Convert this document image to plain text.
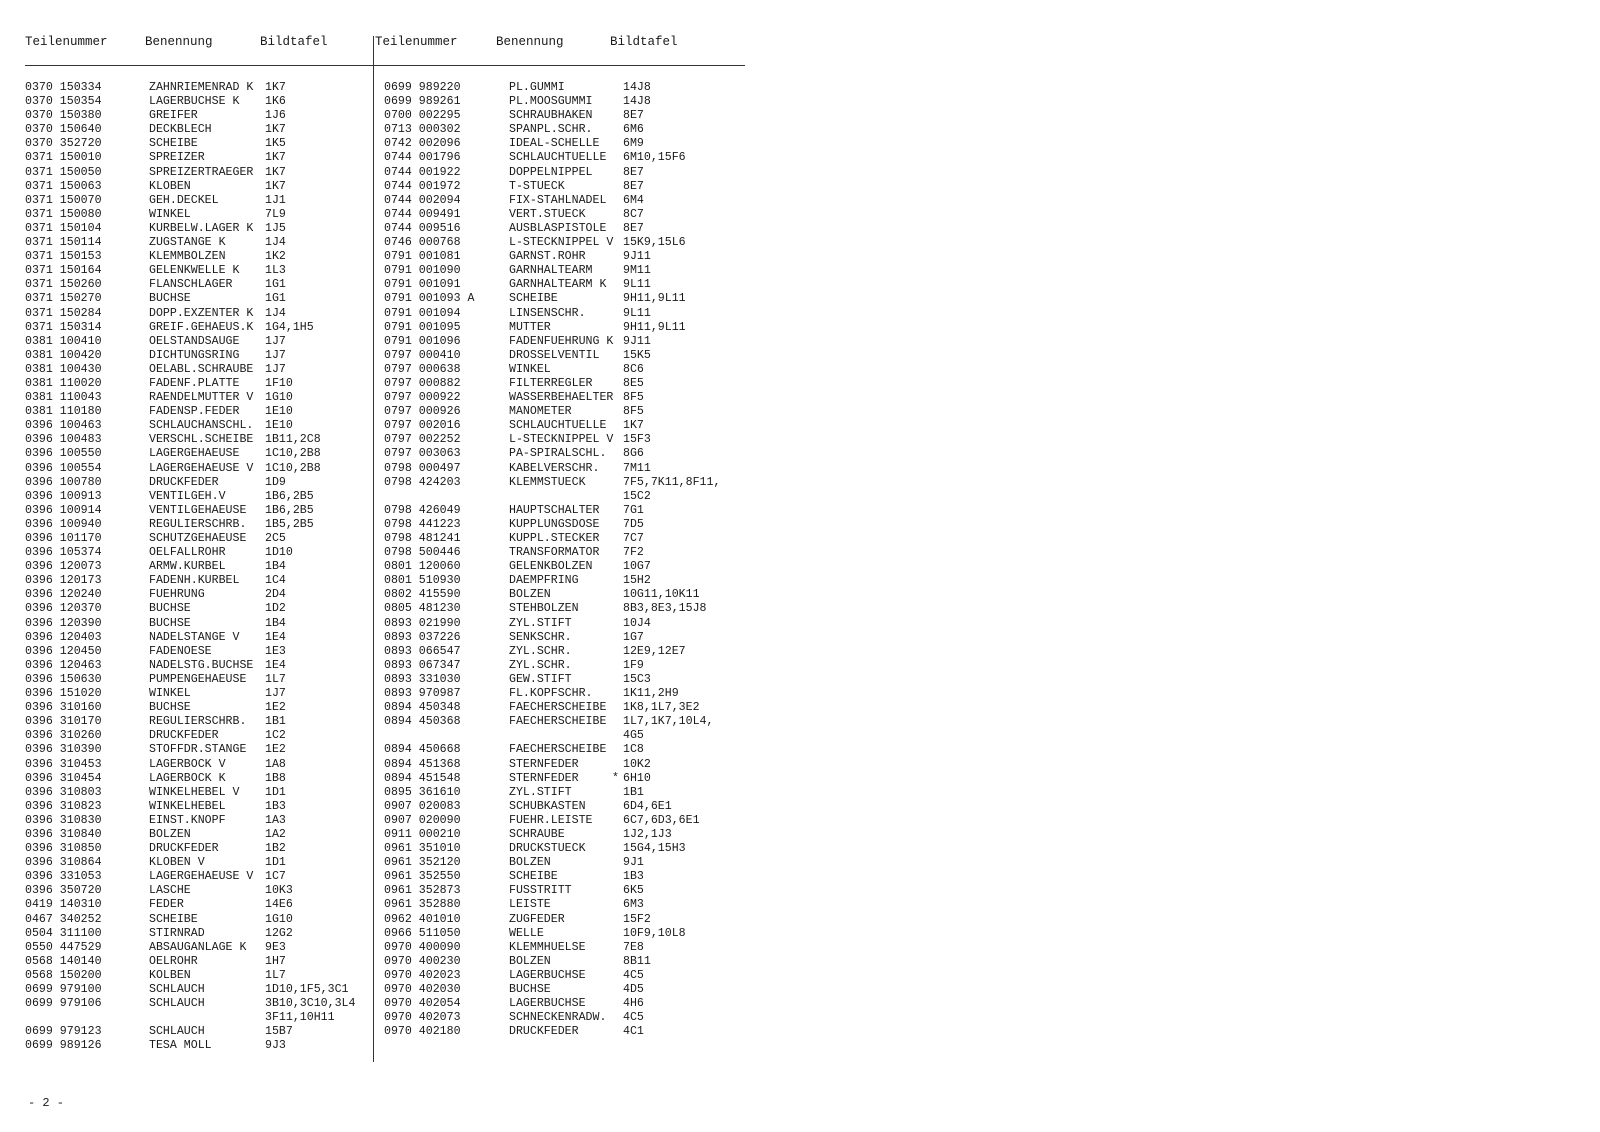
Teilenummer

	Benennung

	Bildtafel

0370 150334	ZAHNRIEMENRAD K 1K7
0370 150354	LAGERBUCHSE K 1K6
0370 150380	GREIFER	1J6
0370 150640	DECKBLECH	1K7
0370 352720	SCHEIBE	1K5
0371 150010	SPREIZER	1K7
0371 150050	SPREIZERTRAEGER 1K7
0371 150063	KLOBEN	1K7
0371 150070	GEH.DECKEL	1J1
0371 150080	WINKEL	7L9
0371 150104	KURBELW.LAGER K 1J5
0371 150114	ZUGSTANGE K	1J4
0371 150153	KLEMMBOLZEN	1K2
0371 150164	GELENKWELLE K 1L3
0371 150260	FLANSCHLAGER	1G1
0371 150270	BUCHSE	1G1
0371 150284	DOPP.EXZENTER K 1J4
0371 150314	GREIF.GEHAEUS.K 1G4,1H5
0381 100410	OELSTANDSAUGE 1J7
0381 100420	DICHTUNGSRING 1J7
0381 100430	OELABL.SCHRAUBE 1J7
0381 110020	FADENF.PLATTE 1F10
0381 110043	RAENDELMUTTER V 1G10
0381 110180	FADENSP.FEDER 1E10
0396 100463	SCHLAUCHANSCHL. 1E10
0396 100483	VERSCHL.SCHEIBE 1B11,2C8
0396 100550	LAGERGEHAEUSE 1C10,2B8
0396 100554	LAGERGEHAEUSE V 1C10,2B8
0396 100780	DRUCKFEDER	1D9
0396 100913	VENTILGEH.V	1B6,2B5
0396 100914	VENTILGEHAEUSE 1B6,2B5
0396 100940	REGULIERSCHRB. 1B5,2B5
0396 101170	SCHUTZGEHAEUSE 2C5
0396 105374	OELFALLROHR	1D10
0396 120073	ARMW.KURBEL	1B4
0396 120173	FADENH.KURBEL 1C4
0396 120240	FUEHRUNG	2D4
0396 120370	BUCHSE	1D2
0396 120390	BUCHSE	1B4
0396 120403	NADELSTANGE V 1E4
0396 120450	FADENOESE	1E3
0396 120463	NADELSTG.BUCHSE 1E4
0396 150630	PUMPENGEHAEUSE 1L7
0396 151020	WINKEL	1J7
0396 310160	BUCHSE	1E2
0396 310170	REGULIERSCHRB. 1B1
0396 310260	DRUCKFEDER	1C2
0396 310390	STOFFDR.STANGE 1E2
0396 310453	LAGERBOCK V	1A8
0396 310454	LAGERBOCK K	1B8
0396 310803	WINKELHEBEL V 1D1
0396 310823	WINKELHEBEL	1B3
0396 310830	EINST.KNOPF	1A3
0396 310840	BOLZEN	1A2
0396 310850	DRUCKFEDER	1B2
0396 310864	KLOBEN V	1D1
0396 331053	LAGERGEHAEUSE V 1C7
0396 350720	LASCHE	10K3
0419 140310	FEDER	14E6
0467 340252	SCHEIBE	1G10
0504 311100	STIRNRAD	12G2
0550 447529	ABSAUGANLAGE K 9E3
0568 140140	OELROHR	1H7
0568 150200	KOLBEN	1L7
0699 979100	SCHLAUCH	1D10,1F5,3C1
0699 979106	SCHLAUCH	3B10,3C10,3L4
3F11,10H11
0699 979123	SCHLAUCH	15B7
0699 989126	TESA MOLL	9J3

Teilenummer

	Benennung

	Bildtafel

0699 989220	PL.GUMMI	14J8
0699 989261	PL.MOOSGUMMI	14J8
0700 002295	SCHRAUBHAKEN	8E7
0713 000302	SPANPL.SCHR.	6M6
0742 002096	IDEAL-SCHELLE 6M9
0744 001796	SCHLAUCHTUELLE 6M10,15F6
0744 001922	DOPPELNIPPEL	8E7
0744 001972	T-STUECK	8E7
0744 002094	FIX-STAHLNADEL 6M4
0744 009491	VERT.STUECK	8C7
0744 009516	AUSBLASPISTOLE 8E7
0746 000768	L-STECKNIPPEL V 15K9,15L6
0791 001081	GARNST.ROHR	9J11
0791 001090	GARNHALTEARM	9M11
0791 001091	GARNHALTEARM K 9L11
0791 001093 A	SCHEIBE	9H11,9L11
0791 001094	LINSENSCHR.	9L11
0791 001095	MUTTER	9H11,9L11
0791 001096	FADENFUEHRUNG K 9J11
0797 000410	DROSSELVENTIL 15K5
0797 000638	WINKEL	8C6
0797 000882	FILTERREGLER	8E5
0797 000922	WASSERBEHAELTER 8F5
0797 000926	MANOMETER	8F5
0797 002016	SCHLAUCHTUELLE 1K7
0797 002252	L-STECKNIPPEL V 15F3
0797 003063	PA-SPIRALSCHL. 8G6
0798 000497	KABELVERSCHR. 7M11
0798 424203	KLEMMSTUECK	7F5,7K11,8F11,
15C2
0798 426049	HAUPTSCHALTER 7G1
0798 441223	KUPPLUNGSDOSE 7D5
0798 481241	KUPPL.STECKER 7C7
0798 500446	TRANSFORMATOR 7F2
0801 120060	GELENKBOLZEN	10G7
0801 510930	DAEMPFRING	15H2
0802 415590	BOLZEN	10G11,10K11
0805 481230	STEHBOLZEN	8B3,8E3,15J8
0893 021990	ZYL.STIFT	10J4
0893 037226	SENKSCHR.	1G7
0893 066547	ZYL.SCHR.	12E9,12E7
0893 067347	ZYL.SCHR.	1F9
0893 331030	GEW.STIFT	15C3
0893 970987	FL.KOPFSCHR.	1K11,2H9
0894 450348	FAECHERSCHEIBE 1K8,1L7,3E2
0894 450368	FAECHERSCHEIBE 1L7,1K7,10L4,
4G5
0894 450668	FAECHERSCHEIBE 1C8
0894 451368	STERNFEDER	10K2
0894 451548	STERNFEDER	6H10
*
0895 361610	ZYL.STIFT	1B1
0907 020083	SCHUBKASTEN	6D4,6E1
0907 020090	FUEHR.LEISTE	6C7,6D3,6E1
0911 000210	SCHRAUBE	1J2,1J3
0961 351010	DRUCKSTUECK	15G4,15H3
0961 352120	BOLZEN	9J1
0961 352550	SCHEIBE	1B3
0961 352873	FUSSTRITT	6K5
0961 352880	LEISTE	6M3
0962 401010	ZUGFEDER	15F2
0966 511050	WELLE	10F9,10L8
0970 400090	KLEMMHUELSE	7E8
0970 400230	BOLZEN	8B11
0970 402023	LAGERBUCHSE	4C5
0970 402030	BUCHSE	4D5
0970 402054	LAGERBUCHSE	4H6
0970 402073	SCHNECKENRADW. 4C5
0970 402180	DRUCKFEDER	4C1
- 2 -
